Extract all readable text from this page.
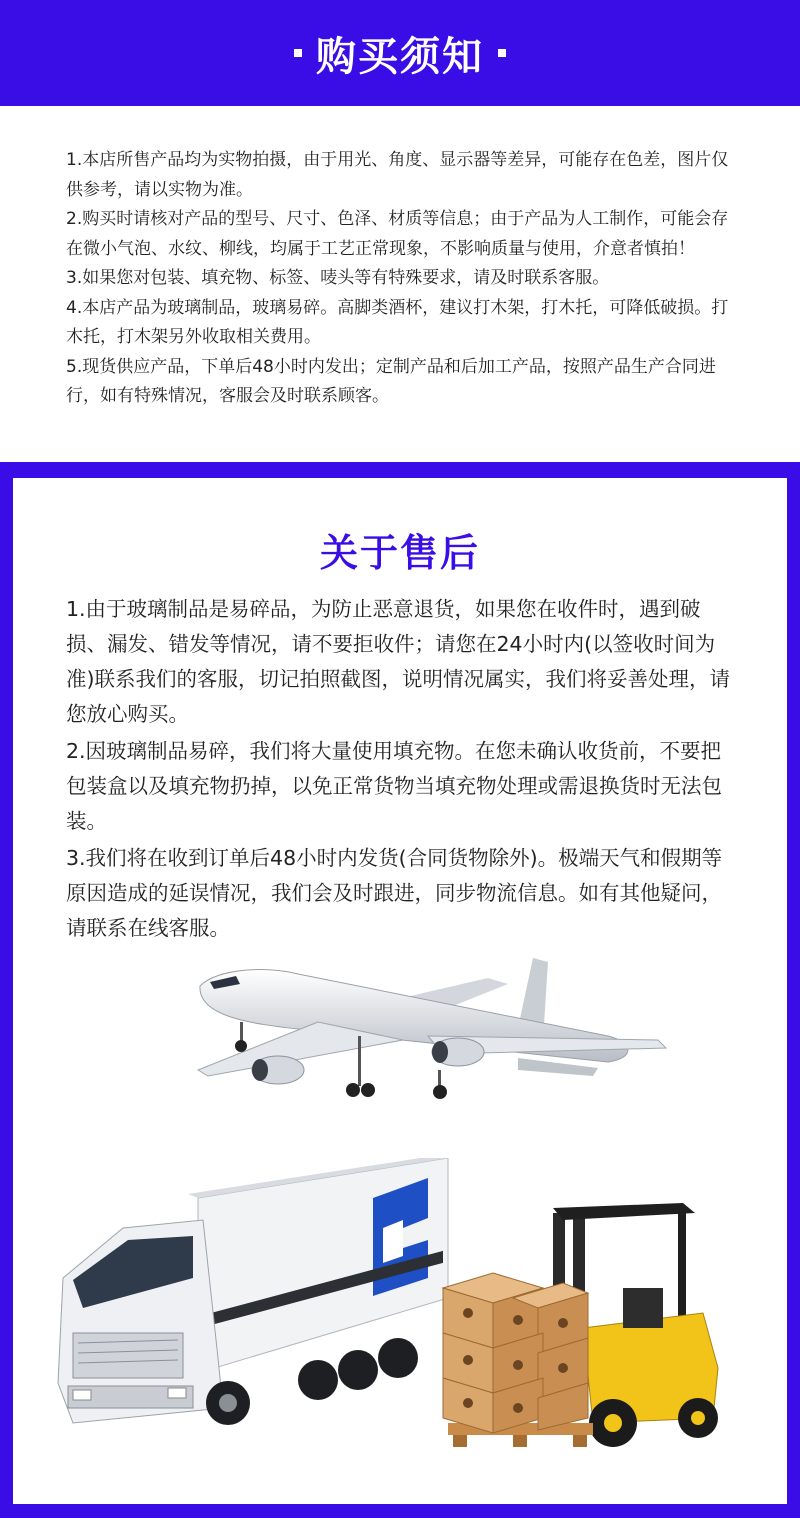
购买须知
1.本店所售产品均为实物拍摄，由于用光、角度、显示器等差异，可能存在色差，图片仅供参考，请以实物为准。
2.购买时请核对产品的型号、尺寸、色泽、材质等信息；由于产品为人工制作，可能会存在微小气泡、水纹、柳线，均属于工艺正常现象，不影响质量与使用，介意者慎拍！
3.如果您对包装、填充物、标签、唛头等有特殊要求，请及时联系客服。
4.本店产品为玻璃制品，玻璃易碎。高脚类酒杯，建议打木架，打木托，可降低破损。打木托，打木架另外收取相关费用。
5.现货供应产品，下单后48小时内发出；定制产品和后加工产品，按照产品生产合同进行，如有特殊情况，客服会及时联系顾客。
关于售后
1.由于玻璃制品是易碎品，为防止恶意退货，如果您在收件时，遇到破损、漏发、错发等情况，请不要拒收件；请您在24小时内(以签收时间为准)联系我们的客服，切记拍照截图，说明情况属实，我们将妥善处理，请您放心购买。
2.因玻璃制品易碎，我们将大量使用填充物。在您未确认收货前，不要把包装盒以及填充物扔掉，以免正常货物当填充物处理或需退换货时无法包装。
3.我们将在收到订单后48小时内发货(合同货物除外)。极端天气和假期等原因造成的延误情况，我们会及时跟进，同步物流信息。如有其他疑问，请联系在线客服。
